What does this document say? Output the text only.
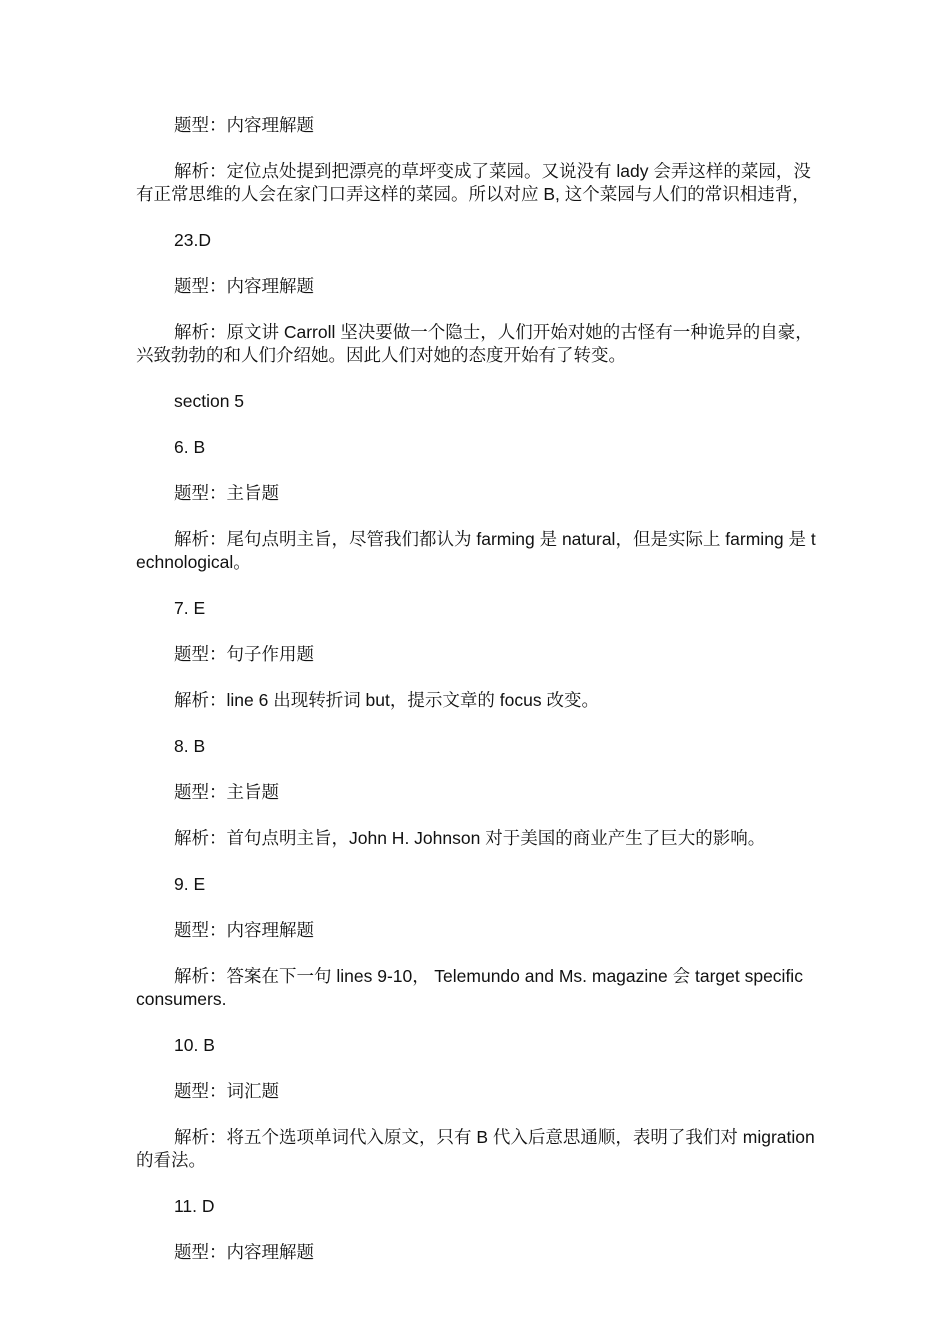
题型：内容理解题

解析：定位点处提到把漂亮的草坪变成了菜园。又说没有 lady 会弄这样的菜园，没有正常思维的人会在家门口弄这样的菜园。所以对应 B, 这个菜园与人们的常识相违背，

23.D

题型：内容理解题

解析：原文讲 Carroll 坚决要做一个隐士，人们开始对她的古怪有一种诡异的自豪，兴致勃勃的和人们介绍她。因此人们对她的态度开始有了转变。

section 5

6. B

题型：主旨题

解析：尾句点明主旨，尽管我们都认为 farming 是 natural，但是实际上 farming 是 technological。

7. E

题型：句子作用题

解析：line 6 出现转折词 but，提示文章的 focus 改变。

8. B

题型：主旨题

解析：首句点明主旨，John H. Johnson 对于美国的商业产生了巨大的影响。

9. E

题型：内容理解题

解析：答案在下一句 lines 9-10， Telemundo and Ms. magazine 会 target specific consumers.

10. B

题型：词汇题

解析：将五个选项单词代入原文，只有 B 代入后意思通顺，表明了我们对 migration 的看法。

11. D

题型：内容理解题
